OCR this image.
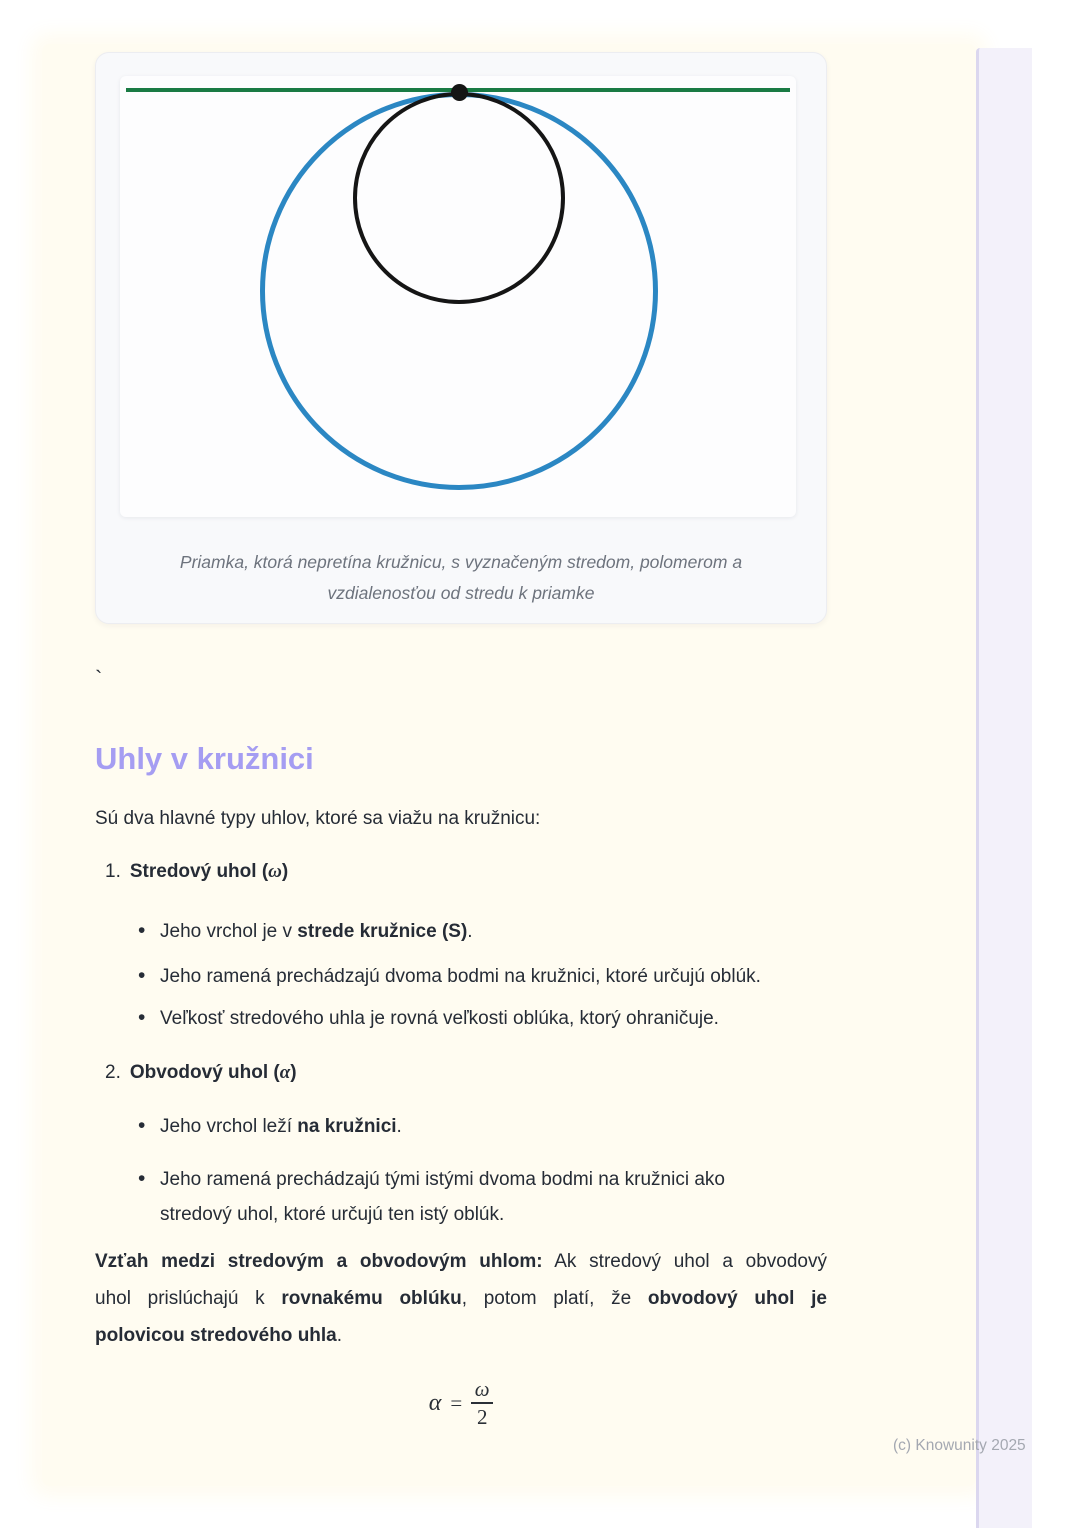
Priamka, ktorá nepretína kružnicu, s vyznačeným stredom, polomerom a
vzdialenosťou od stredu k priamke
`
Uhly v kružnici
Sú dva hlavné typy uhlov, ktoré sa viažu na kružnicu:
1. Stredový uhol (ω)
• Jeho vrchol je v strede kružnice (S).
• Jeho ramená prechádzajú dvoma bodmi na kružnici, ktoré určujú oblúk.
• Veľkosť stredového uhla je rovná veľkosti oblúka, ktorý ohraničuje.
2. Obvodový uhol (α)
• Jeho vrchol leží na kružnici.
• Jeho ramená prechádzajú tými istými dvoma bodmi na kružnici ako
stredový uhol, ktoré určujú ten istý oblúk.
Vzťah medzi stredovým a obvodovým uhlom: Ak stredový uhol a obvodový
uhol prislúchajú k rovnakému oblúku, potom platí, že obvodový uhol je
polovicou stredového uhla.
$\alpha = \frac{\omega}{2}$
(c) Knowunity 2025
